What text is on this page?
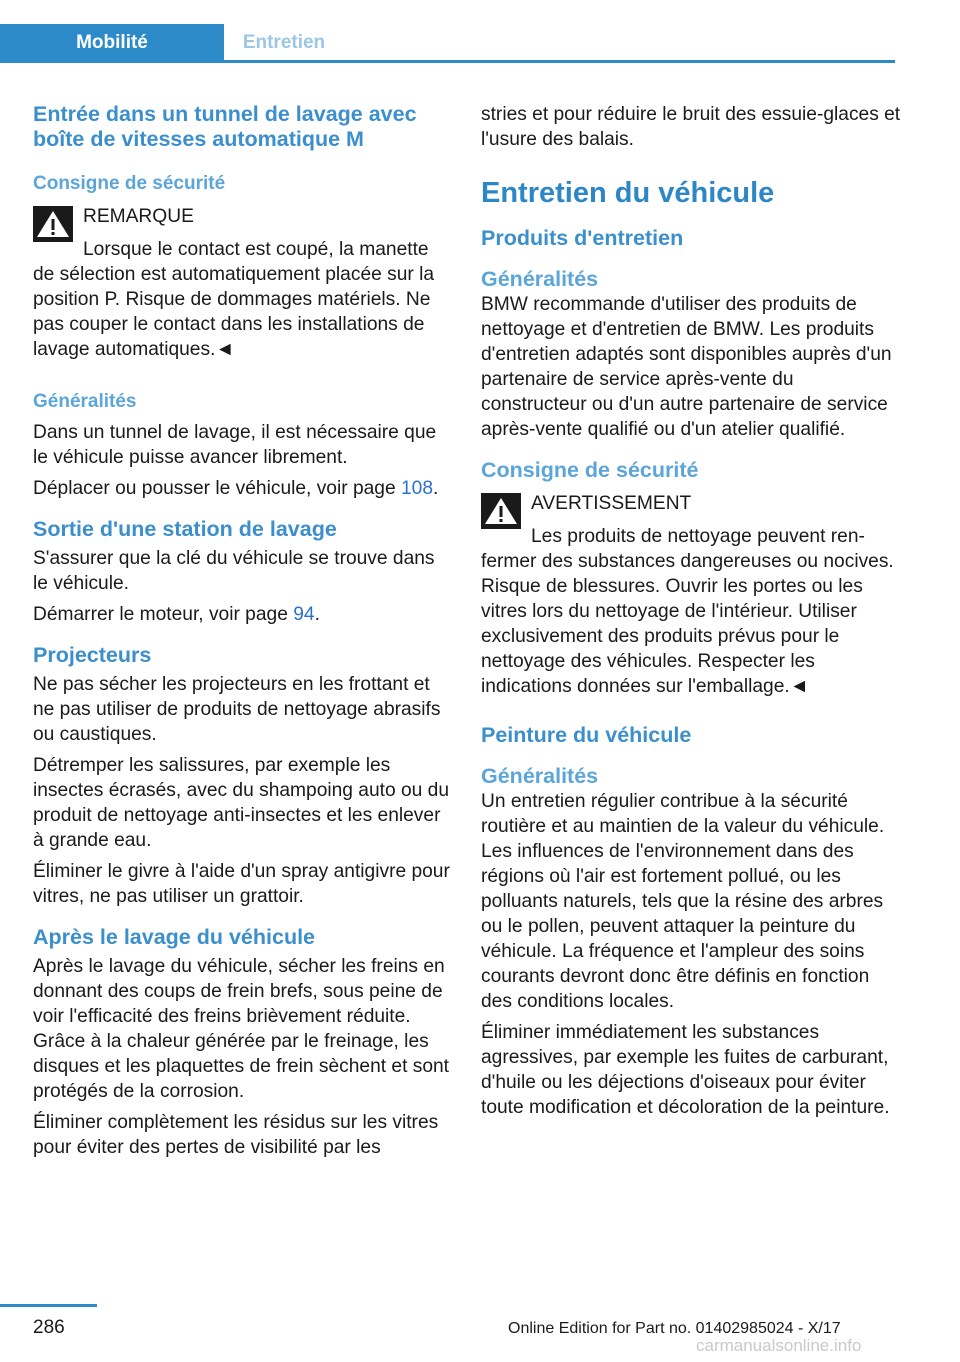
Mobilité	Entretien
Entrée dans un tunnel de lavage avec boîte de vitesses automatique M
Consigne de sécurité

REMARQUE

Lorsque le contact est coupé, la manette

de sélection est automatiquement placée sur la position P. Risque de dommages matériels. Ne pas couper le contact dans les installations de lavage automatiques.◄

Généralités

Dans un tunnel de lavage, il est nécessaire que le véhicule puisse avancer librement.

Déplacer ou pousser le véhicule, voir page 108.

Sortie d'une station de lavage

S'assurer que la clé du véhicule se trouve dans le véhicule.

Démarrer le moteur, voir page 94.

Projecteurs

Ne pas sécher les projecteurs en les frottant et ne pas utiliser de produits de nettoyage abrasifs ou caustiques.

Détremper les salissures, par exemple les insectes écrasés, avec du shampoing auto ou du produit de nettoyage anti-insectes et les enlever à grande eau.

Éliminer le givre à l'aide d'un spray antigivre pour vitres, ne pas utiliser un grattoir.

Après le lavage du véhicule

Après le lavage du véhicule, sécher les freins en donnant des coups de frein brefs, sous peine de voir l'efficacité des freins brièvement réduite. Grâce à la chaleur générée par le freinage, les disques et les plaquettes de frein sèchent et sont protégés de la corrosion.

Éliminer complètement les résidus sur les vitres pour éviter des pertes de visibilité par les

stries et pour réduire le bruit des essuie-glaces et l'usure des balais.

Entretien du véhicule
Produits d'entretien
Généralités

BMW recommande d'utiliser des produits de nettoyage et d'entretien de BMW. Les produits d'entretien adaptés sont disponibles auprès d'un partenaire de service après-vente du constructeur ou d'un autre partenaire de service après-vente qualifié ou d'un atelier qualifié.

Consigne de sécurité

AVERTISSEMENT

Les produits de nettoyage peuvent ren-

fermer des substances dangereuses ou nocives. Risque de blessures. Ouvrir les portes ou les vitres lors du nettoyage de l'intérieur. Utiliser exclusivement des produits prévus pour le nettoyage des véhicules. Respecter les indications données sur l'emballage.◄

Peinture du véhicule
Généralités

Un entretien régulier contribue à la sécurité routière et au maintien de la valeur du véhicule. Les influences de l'environnement dans des régions où l'air est fortement pollué, ou les polluants naturels, tels que la résine des arbres ou le pollen, peuvent attaquer la peinture du véhicule. La fréquence et l'ampleur des soins courants devront donc être définis en fonction des conditions locales.

Éliminer immédiatement les substances agressives, par exemple les fuites de carburant, d'huile ou les déjections d'oiseaux pour éviter toute modification et décoloration de la peinture.

286	Online Edition for Part no. 01402985024 - X/17
carmanualsonline.info
